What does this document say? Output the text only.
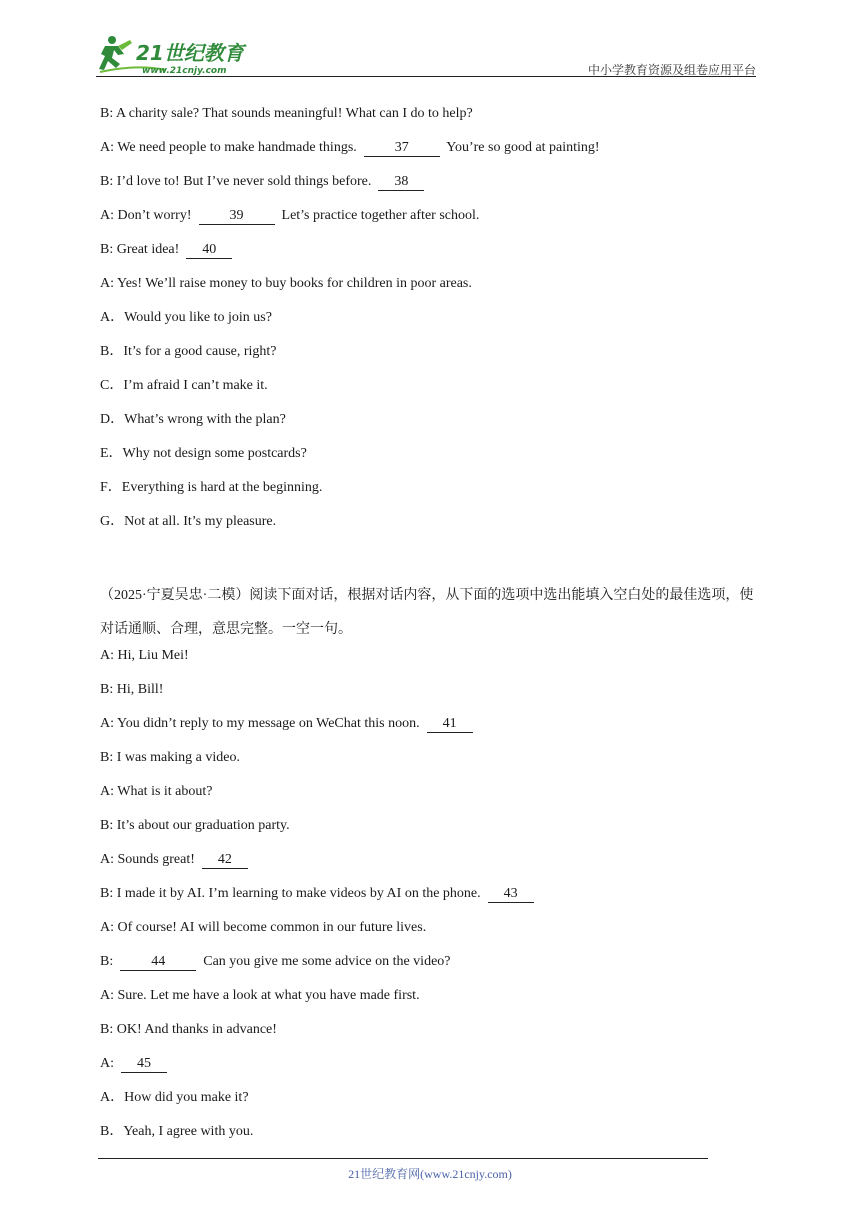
21世纪教育
www.21cnjy.com	中小学教育资源及组卷应用平台
B: A charity sale? That sounds meaningful! What can I do to help?
A: We need people to make handmade things.  37  You’re so good at painting!
B: I’d love to! But I’ve never sold things before.  38
A: Don’t worry!  39  Let’s practice together after school.
B: Great idea!  40
A: Yes! We’ll raise money to buy books for children in poor areas.
A．Would you like to join us?
B．It’s for a good cause, right?
C．I’m afraid I can’t make it.
D．What’s wrong with the plan?
E．Why not design some postcards?
F．Everything is hard at the beginning.
G．Not at all. It’s my pleasure.

（2025·宁夏吴忠·二模）阅读下面对话，根据对话内容，从下面的选项中选出能填入空白处的最佳选项，使对话通顺、合理，意思完整。一空一句。

A: Hi, Liu Mei!
B: Hi, Bill!
A: You didn’t reply to my message on WeChat this noon.  41
B: I was making a video.
A: What is it about?
B: It’s about our graduation party.
A: Sounds great!  42
B: I made it by AI. I’m learning to make videos by AI on the phone.  43
A: Of course! AI will become common in our future lives.
B:  44  Can you give me some advice on the video?
A: Sure. Let me have a look at what you have made first.
B: OK! And thanks in advance!
A:  45
A．How did you make it?
B．Yeah, I agree with you.
21世纪教育网(www.21cnjy.com)
